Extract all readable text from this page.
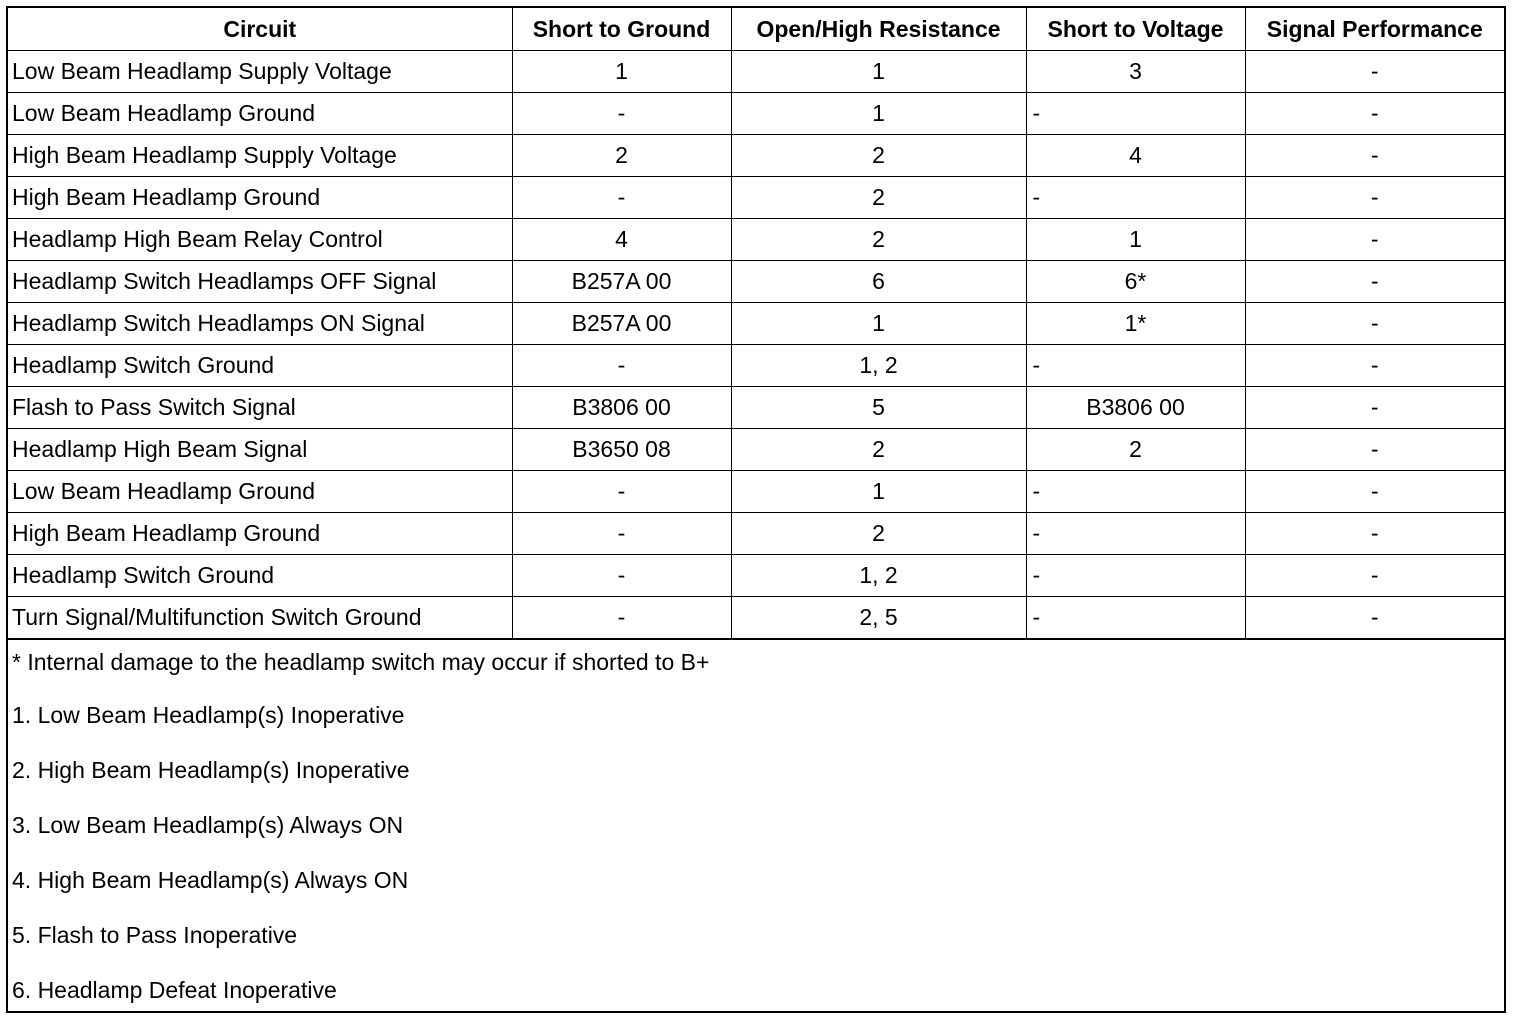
Circuit	Short to Ground	Open/High Resistance	Short to Voltage	Signal Performance
Low Beam Headlamp Supply Voltage	1	1	3	-
Low Beam Headlamp Ground	-	1	-	-
High Beam Headlamp Supply Voltage	2	2	4	-
High Beam Headlamp Ground	-	2	-	-
Headlamp High Beam Relay Control	4	2	1	-
Headlamp Switch Headlamps OFF Signal	B257A 00	6	6*	-
Headlamp Switch Headlamps ON Signal	B257A 00	1	1*	-
Headlamp Switch Ground	-	1, 2	-	-
Flash to Pass Switch Signal	B3806 00	5	B3806 00	-
Headlamp High Beam Signal	B3650 08	2	2	-
Low Beam Headlamp Ground	-	1	-	-
High Beam Headlamp Ground	-	2	-	-
Headlamp Switch Ground	-	1, 2	-	-
Turn Signal/Multifunction Switch Ground	-	2, 5	-	-
* Internal damage to the headlamp switch may occur if shorted to B+
1. Low Beam Headlamp(s) Inoperative
2. High Beam Headlamp(s) Inoperative
3. Low Beam Headlamp(s) Always ON
4. High Beam Headlamp(s) Always ON
5. Flash to Pass Inoperative
6. Headlamp Defeat Inoperative
